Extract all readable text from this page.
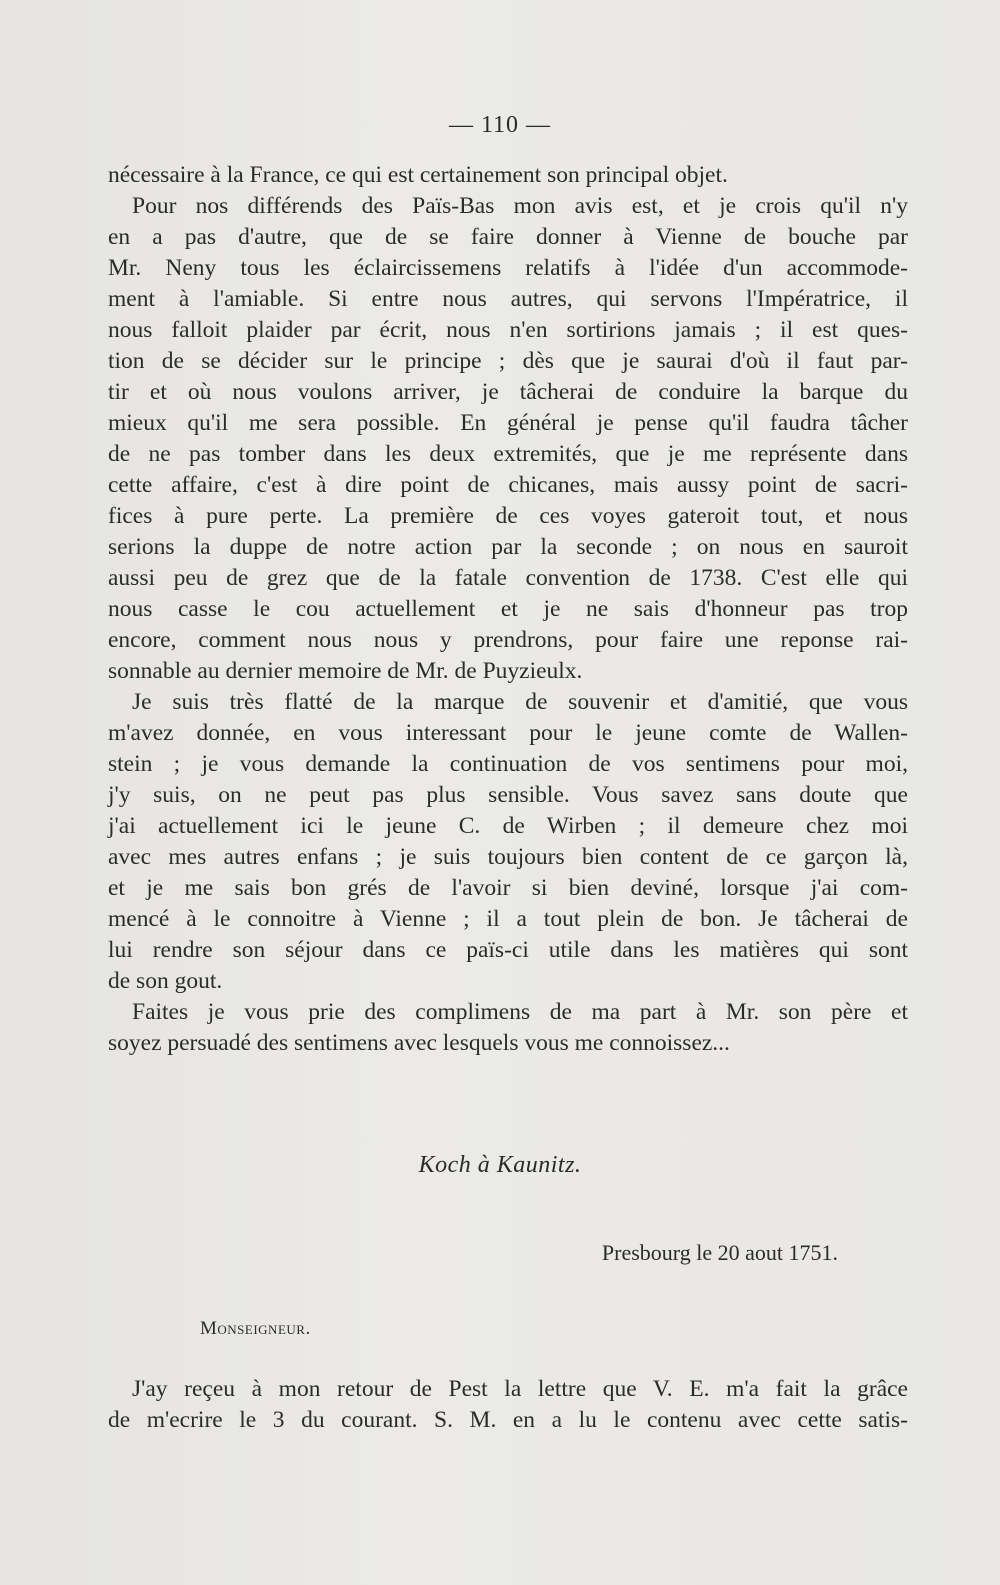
— 110 —
nécessaire à la France, ce qui est certainement son principal objet.
Pour nos différends des Païs-Bas mon avis est, et je crois qu'il n'y
en a pas d'autre, que de se faire donner à Vienne de bouche par
Mr. Neny tous les éclaircissemens relatifs à l'idée d'un accommode-
ment à l'amiable. Si entre nous autres, qui servons l'Impératrice, il
nous falloit plaider par écrit, nous n'en sortirions jamais ; il est ques-
tion de se décider sur le principe ; dès que je saurai d'où il faut par-
tir et où nous voulons arriver, je tâcherai de conduire la barque du
mieux qu'il me sera possible. En général je pense qu'il faudra tâcher
de ne pas tomber dans les deux extremités, que je me représente dans
cette affaire, c'est à dire point de chicanes, mais aussy point de sacri-
fices à pure perte. La première de ces voyes gateroit tout, et nous
serions la duppe de notre action par la seconde ; on nous en sauroit
aussi peu de grez que de la fatale convention de 1738. C'est elle qui
nous casse le cou actuellement et je ne sais d'honneur pas trop
encore, comment nous nous y prendrons, pour faire une reponse rai-
sonnable au dernier memoire de Mr. de Puyzieulx.
Je suis très flatté de la marque de souvenir et d'amitié, que vous
m'avez donnée, en vous interessant pour le jeune comte de Wallen-
stein ; je vous demande la continuation de vos sentimens pour moi,
j'y suis, on ne peut pas plus sensible. Vous savez sans doute que
j'ai actuellement ici le jeune C. de Wirben ; il demeure chez moi
avec mes autres enfans ; je suis toujours bien content de ce garçon là,
et je me sais bon grés de l'avoir si bien deviné, lorsque j'ai com-
mencé à le connoitre à Vienne ; il a tout plein de bon. Je tâcherai de
lui rendre son séjour dans ce païs-ci utile dans les matières qui sont
de son gout.
Faites je vous prie des complimens de ma part à Mr. son père et
soyez persuadé des sentimens avec lesquels vous me connoissez...
Koch à Kaunitz.
Presbourg le 20 aout 1751.
Monseigneur.
J'ay reçeu à mon retour de Pest la lettre que V. E. m'a fait la grâce
de m'ecrire le 3 du courant. S. M. en a lu le contenu avec cette satis-
